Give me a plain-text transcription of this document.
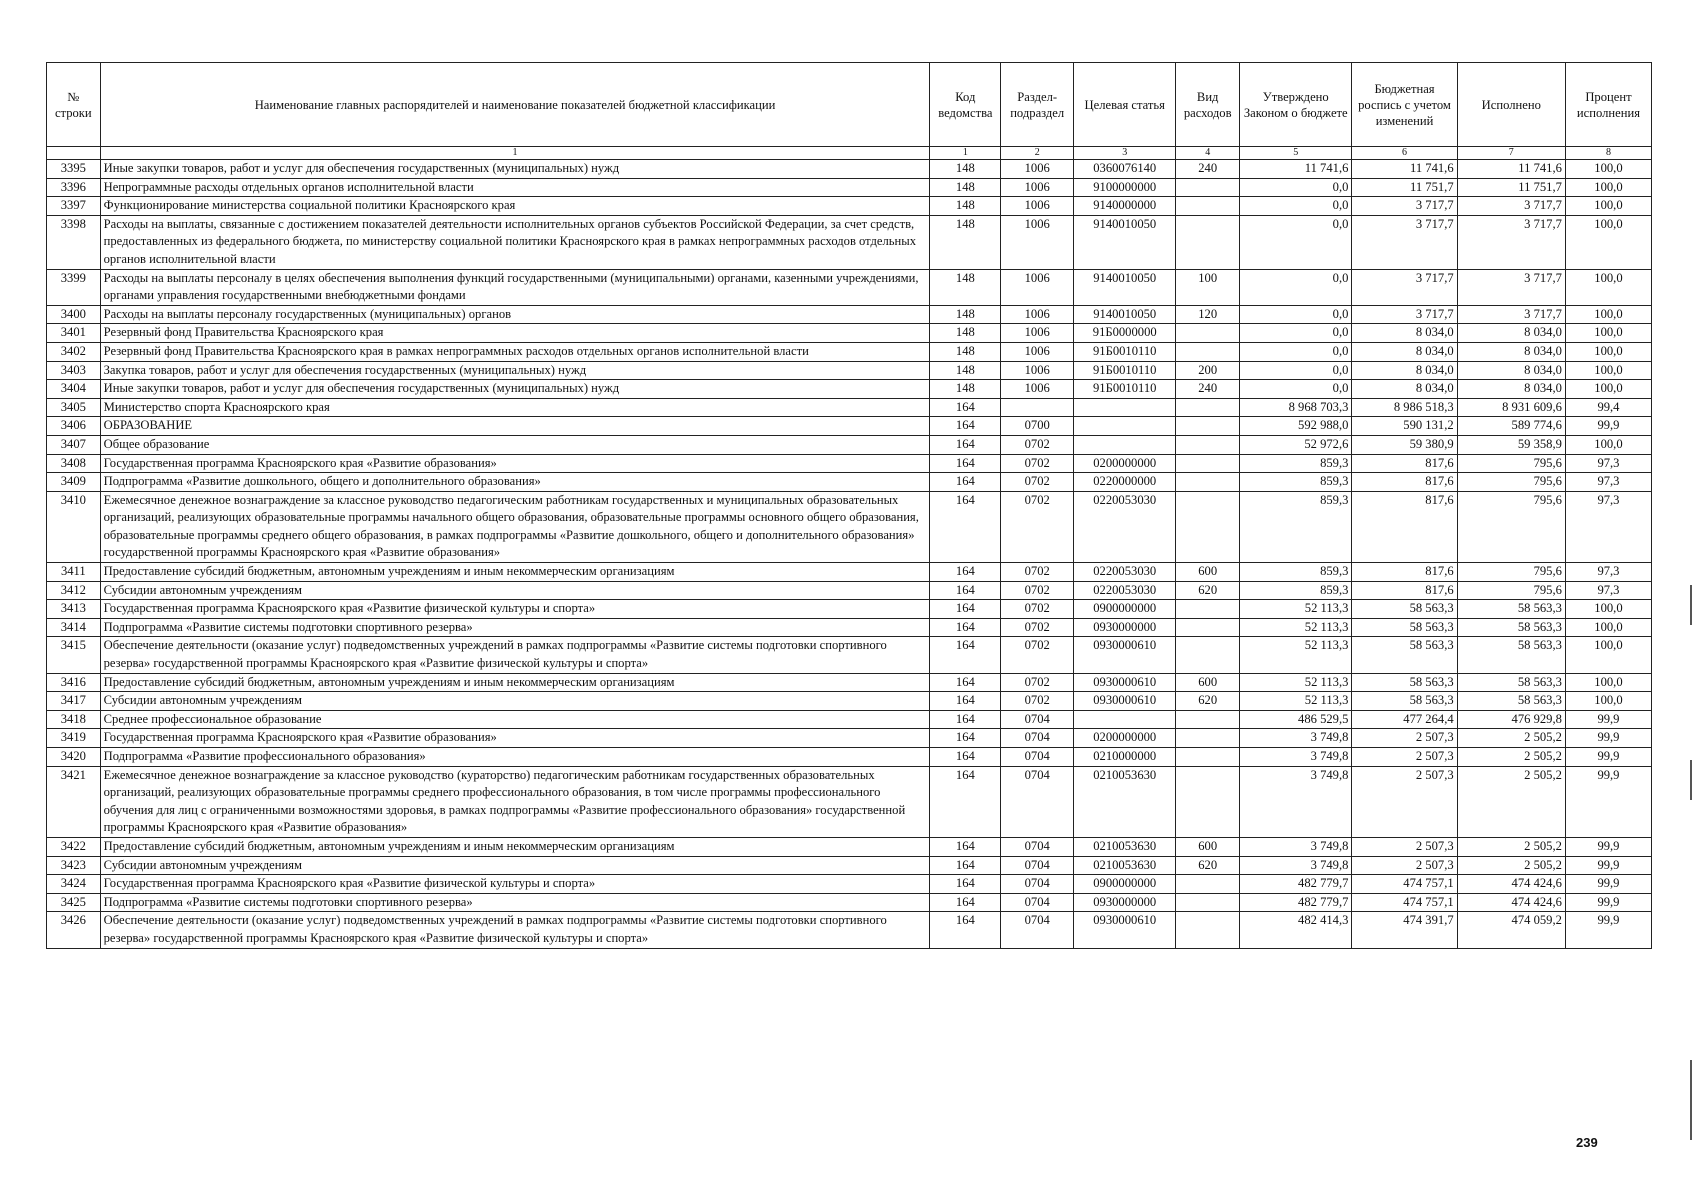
№ строки	Наименование главных распорядителей и наименование показателей бюджетной классификации	Код ведомства	Раздел-подраздел	Целевая статья	Вид расходов	Утверждено Законом о бюджете	Бюджетная роспись с учетом изменений	Исполнено	Процент исполнения
	1	1	2	3	4	5	6	7	8
3395	Иные закупки товаров, работ и услуг для обеспечения государственных (муниципальных) нужд	148	1006	0360076140	240	11 741,6	11 741,6	11 741,6	100,0
3396	Непрограммные расходы отдельных органов исполнительной власти	148	1006	9100000000		0,0	11 751,7	11 751,7	100,0
3397	Функционирование министерства социальной политики Красноярского края	148	1006	9140000000		0,0	3 717,7	3 717,7	100,0
3398	Расходы на выплаты, связанные с достижением показателей деятельности исполнительных органов субъектов Российской Федерации, за счет средств, предоставленных из федерального бюджета, по министерству социальной политики Красноярского края в рамках непрограммных расходов отдельных органов исполнительной власти	148	1006	9140010050		0,0	3 717,7	3 717,7	100,0
3399	Расходы на выплаты персоналу в целях обеспечения выполнения функций государственными (муниципальными) органами, казенными учреждениями, органами управления государственными внебюджетными фондами	148	1006	9140010050	100	0,0	3 717,7	3 717,7	100,0
3400	Расходы на выплаты персоналу государственных (муниципальных) органов	148	1006	9140010050	120	0,0	3 717,7	3 717,7	100,0
3401	Резервный фонд Правительства Красноярского края	148	1006	91Б0000000		0,0	8 034,0	8 034,0	100,0
3402	Резервный фонд Правительства Красноярского края в рамках непрограммных расходов отдельных органов исполнительной власти	148	1006	91Б0010110		0,0	8 034,0	8 034,0	100,0
3403	Закупка товаров, работ и услуг для обеспечения государственных (муниципальных) нужд	148	1006	91Б0010110	200	0,0	8 034,0	8 034,0	100,0
3404	Иные закупки товаров, работ и услуг для обеспечения государственных (муниципальных) нужд	148	1006	91Б0010110	240	0,0	8 034,0	8 034,0	100,0
3405	Министерство спорта Красноярского края	164				8 968 703,3	8 986 518,3	8 931 609,6	99,4
3406	ОБРАЗОВАНИЕ	164	0700			592 988,0	590 131,2	589 774,6	99,9
3407	Общее образование	164	0702			52 972,6	59 380,9	59 358,9	100,0
3408	Государственная программа Красноярского края «Развитие образования»	164	0702	0200000000		859,3	817,6	795,6	97,3
3409	Подпрограмма «Развитие дошкольного, общего и дополнительного образования»	164	0702	0220000000		859,3	817,6	795,6	97,3
3410	Ежемесячное денежное вознаграждение за классное руководство педагогическим работникам государственных и муниципальных образовательных организаций, реализующих образовательные программы начального общего образования, образовательные программы основного общего образования, образовательные программы среднего общего образования, в рамках подпрограммы «Развитие дошкольного, общего и дополнительного образования» государственной программы Красноярского края «Развитие образования»	164	0702	0220053030		859,3	817,6	795,6	97,3
3411	Предоставление субсидий бюджетным, автономным учреждениям и иным некоммерческим организациям	164	0702	0220053030	600	859,3	817,6	795,6	97,3
3412	Субсидии автономным учреждениям	164	0702	0220053030	620	859,3	817,6	795,6	97,3
3413	Государственная программа Красноярского края «Развитие физической культуры и спорта»	164	0702	0900000000		52 113,3	58 563,3	58 563,3	100,0
3414	Подпрограмма «Развитие системы подготовки спортивного резерва»	164	0702	0930000000		52 113,3	58 563,3	58 563,3	100,0
3415	Обеспечение деятельности (оказание услуг) подведомственных учреждений в рамках подпрограммы «Развитие системы подготовки спортивного резерва» государственной программы Красноярского края «Развитие физической культуры и спорта»	164	0702	0930000610		52 113,3	58 563,3	58 563,3	100,0
3416	Предоставление субсидий бюджетным, автономным учреждениям и иным некоммерческим организациям	164	0702	0930000610	600	52 113,3	58 563,3	58 563,3	100,0
3417	Субсидии автономным учреждениям	164	0702	0930000610	620	52 113,3	58 563,3	58 563,3	100,0
3418	Среднее профессиональное образование	164	0704			486 529,5	477 264,4	476 929,8	99,9
3419	Государственная программа Красноярского края «Развитие образования»	164	0704	0200000000		3 749,8	2 507,3	2 505,2	99,9
3420	Подпрограмма «Развитие профессионального образования»	164	0704	0210000000		3 749,8	2 507,3	2 505,2	99,9
3421	Ежемесячное денежное вознаграждение за классное руководство (кураторство) педагогическим работникам государственных образовательных организаций, реализующих образовательные программы среднего профессионального образования, в том числе программы профессионального обучения для лиц с ограниченными возможностями здоровья, в рамках подпрограммы «Развитие профессионального образования» государственной программы Красноярского края «Развитие образования»	164	0704	0210053630		3 749,8	2 507,3	2 505,2	99,9
3422	Предоставление субсидий бюджетным, автономным учреждениям и иным некоммерческим организациям	164	0704	0210053630	600	3 749,8	2 507,3	2 505,2	99,9
3423	Субсидии автономным учреждениям	164	0704	0210053630	620	3 749,8	2 507,3	2 505,2	99,9
3424	Государственная программа Красноярского края «Развитие физической культуры и спорта»	164	0704	0900000000		482 779,7	474 757,1	474 424,6	99,9
3425	Подпрограмма «Развитие системы подготовки спортивного резерва»	164	0704	0930000000		482 779,7	474 757,1	474 424,6	99,9
3426	Обеспечение деятельности (оказание услуг) подведомственных учреждений в рамках подпрограммы «Развитие системы подготовки спортивного резерва» государственной программы Красноярского края «Развитие физической культуры и спорта»	164	0704	0930000610		482 414,3	474 391,7	474 059,2	99,9
239
